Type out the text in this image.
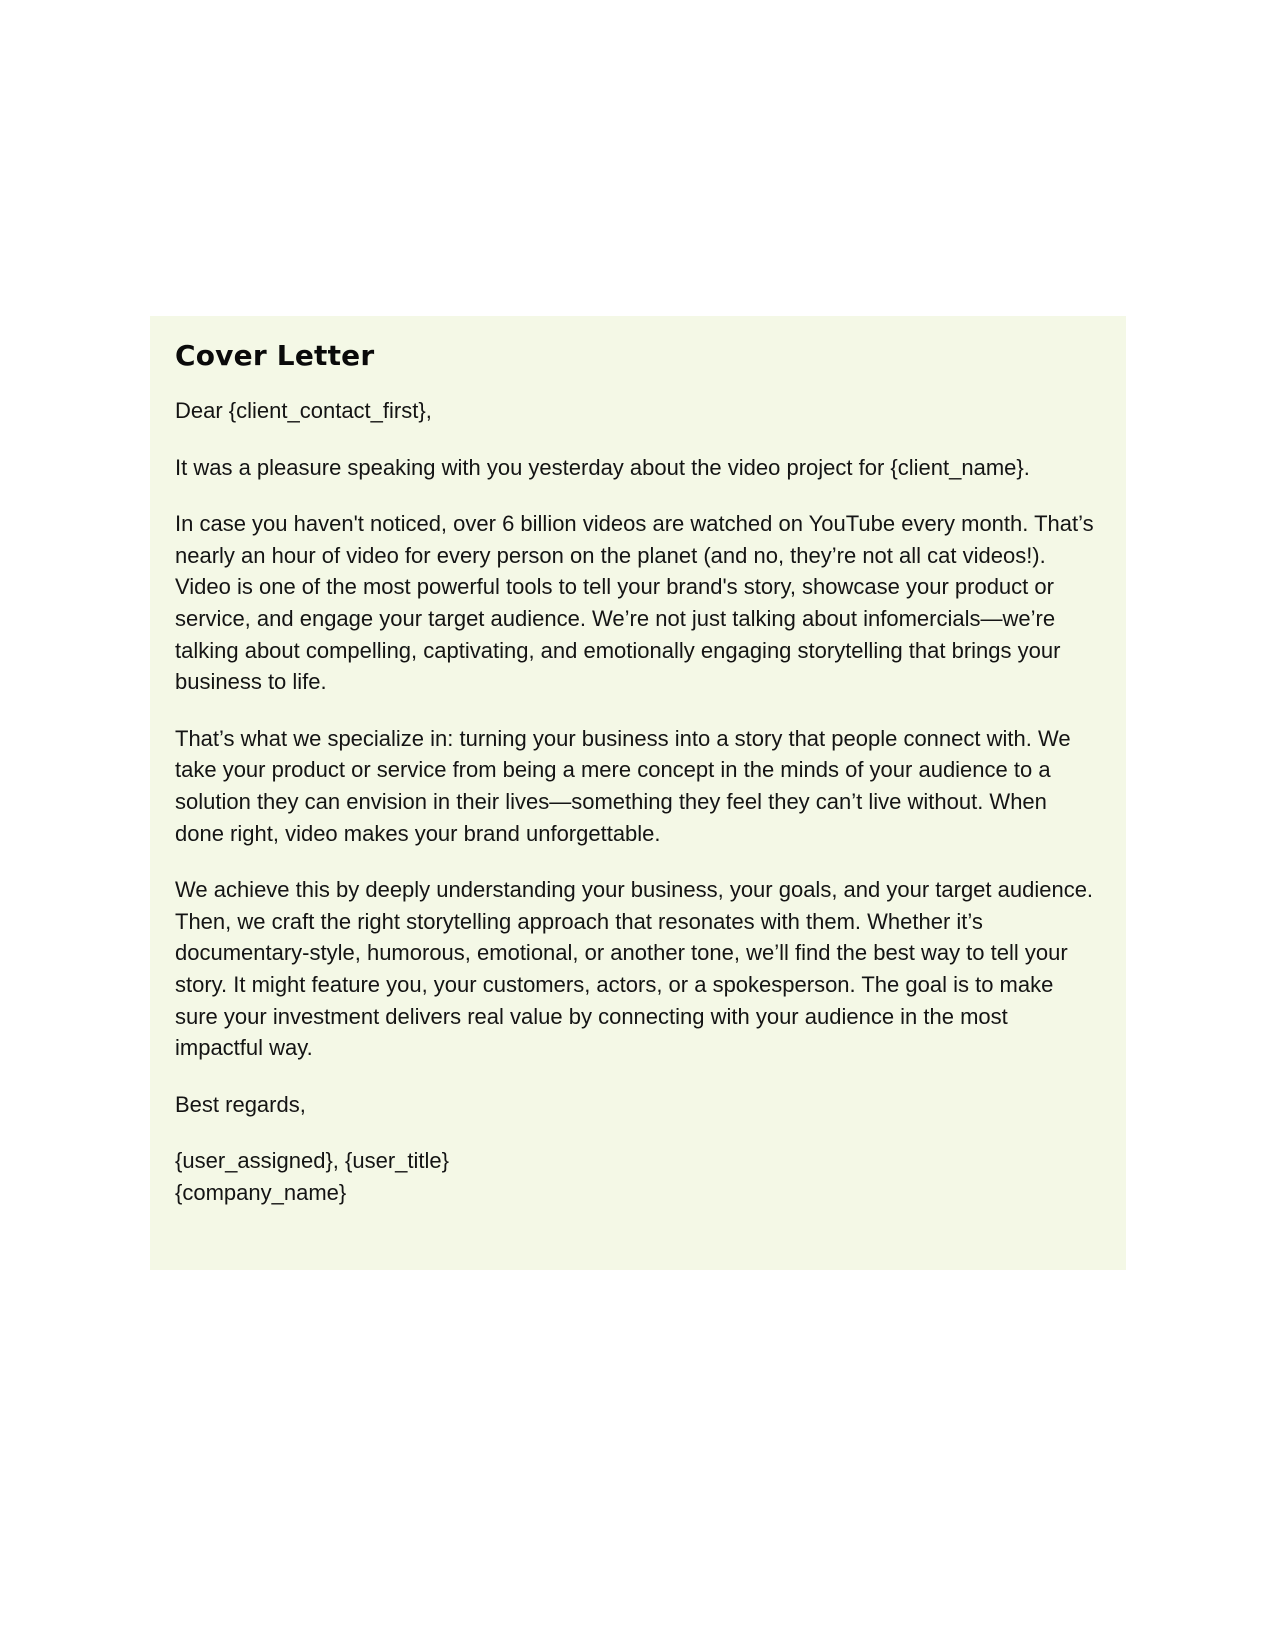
Cover Letter

Dear {client_contact_first},

It was a pleasure speaking with you yesterday about the video project for {client_name}.

In case you haven't noticed, over 6 billion videos are watched on YouTube every month. That’s nearly an hour of video for every person on the planet (and no, they’re not all cat videos!). Video is one of the most powerful tools to tell your brand's story, showcase your product or service, and engage your target audience. We’re not just talking about infomercials—we’re talking about compelling, captivating, and emotionally engaging storytelling that brings your business to life.

That’s what we specialize in: turning your business into a story that people connect with. We take your product or service from being a mere concept in the minds of your audience to a solution they can envision in their lives—something they feel they can’t live without. When done right, video makes your brand unforgettable.

We achieve this by deeply understanding your business, your goals, and your target audience. Then, we craft the right storytelling approach that resonates with them. Whether it’s documentary-style, humorous, emotional, or another tone, we’ll find the best way to tell your story. It might feature you, your customers, actors, or a spokesperson. The goal is to make sure your investment delivers real value by connecting with your audience in the most impactful way.

Best regards,

{user_assigned}, {user_title}
{company_name}
